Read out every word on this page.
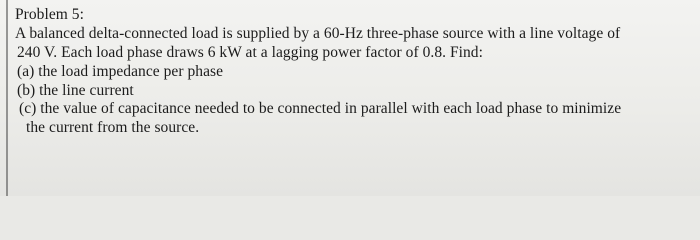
Problem 5:
A balanced delta-connected load is supplied by a 60-Hz three-phase source with a line voltage of
240 V. Each load phase draws 6 kW at a lagging power factor of 0.8. Find:
(a) the load impedance per phase
(b) the line current
(c) the value of capacitance needed to be connected in parallel with each load phase to minimize
the current from the source.
